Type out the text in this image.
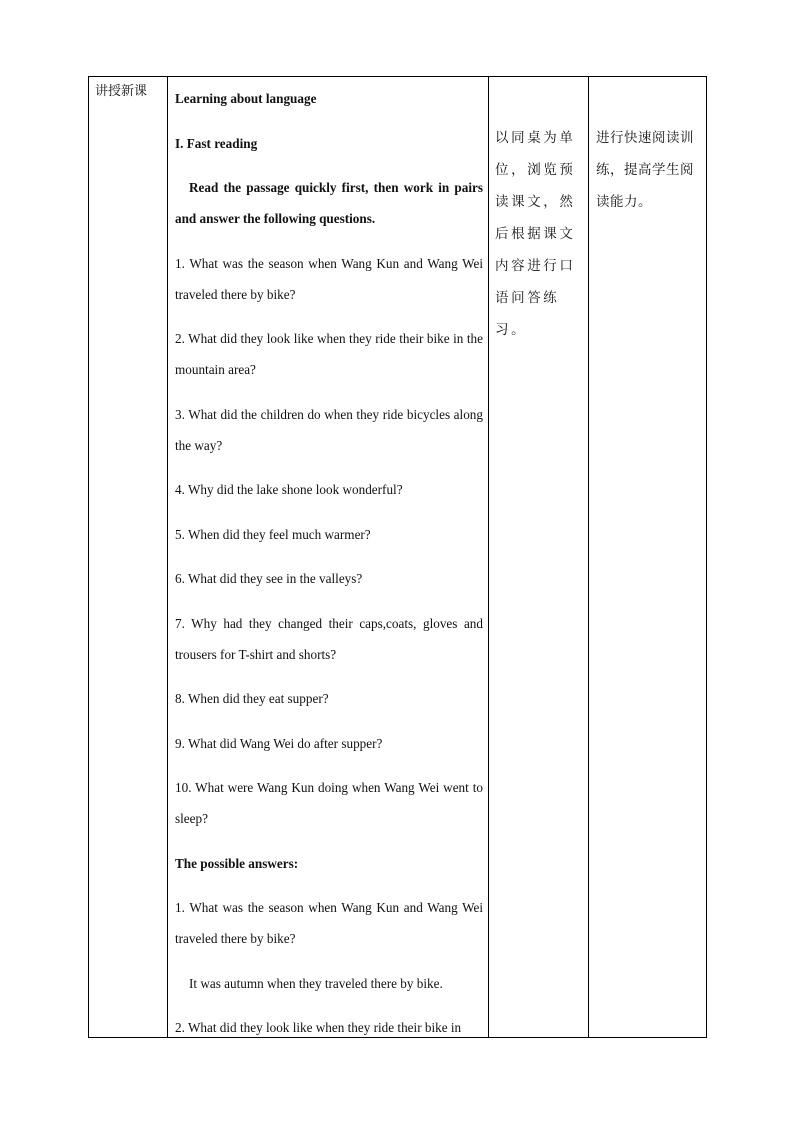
讲授新课	Learning about language

I. Fast reading

Read the passage quickly first, then work in pairs and answer the following questions.

1. What was the season when Wang Kun and Wang Wei traveled there by bike?

2. What did they look like when they ride their bike in the mountain area?

3. What did the children do when they ride bicycles along the way?

4. Why did the lake shone look wonderful?

5. When did they feel much warmer?

6. What did they see in the valleys?

7. Why had they changed their caps,coats, gloves and trousers for T-shirt and shorts?

8. When did they eat supper?

9. What did Wang Wei do after supper?

10. What were Wang Kun doing when Wang Wei went to sleep?

The possible answers:

1. What was the season when Wang Kun and Wang Wei traveled there by bike?

It was autumn when they traveled there by bike.

2. What did they look like when they ride their bike in

以同桌为单位，浏览预读课文，然后根据课文内容进行口语问答练习。
进行快速阅读训练，提高学生阅读能力。
